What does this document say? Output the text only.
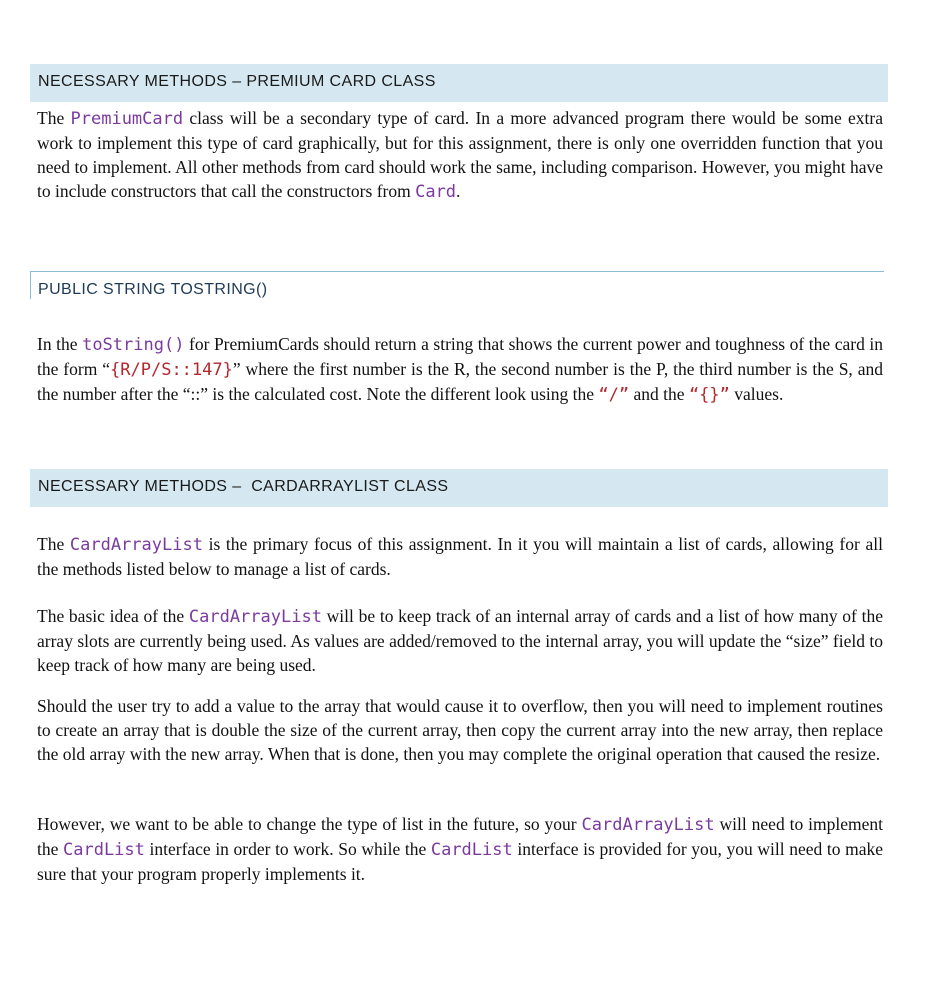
NECESSARY METHODS – PREMIUM CARD CLASS

The PremiumCard class will be a secondary type of card. In a more advanced program there would be some extra work to implement this type of card graphically, but for this assignment, there is only one overridden function that you need to implement. All other methods from card should work the same, including comparison. However, you might have to include constructors that call the constructors from Card.

PUBLIC STRING TOSTRING()

In the toString() for PremiumCards should return a string that shows the current power and toughness of the card in the form “{R/P/S::147}” where the first number is the R, the second number is the P, the third number is the S, and the number after the “::” is the calculated cost. Note the different look using the “/” and the “{}” values.

NECESSARY METHODS –  CARDARRAYLIST CLASS

The CardArrayList is the primary focus of this assignment. In it you will maintain a list of cards, allowing for all the methods listed below to manage a list of cards.

The basic idea of the CardArrayList will be to keep track of an internal array of cards and a list of how many of the array slots are currently being used. As values are added/removed to the internal array, you will update the “size” field to keep track of how many are being used.

Should the user try to add a value to the array that would cause it to overflow, then you will need to implement routines to create an array that is double the size of the current array, then copy the current array into the new array, then replace the old array with the new array. When that is done, then you may complete the original operation that caused the resize.

However, we want to be able to change the type of list in the future, so your CardArrayList will need to implement the CardList interface in order to work. So while the CardList interface is provided for you, you will need to make sure that your program properly implements it.
